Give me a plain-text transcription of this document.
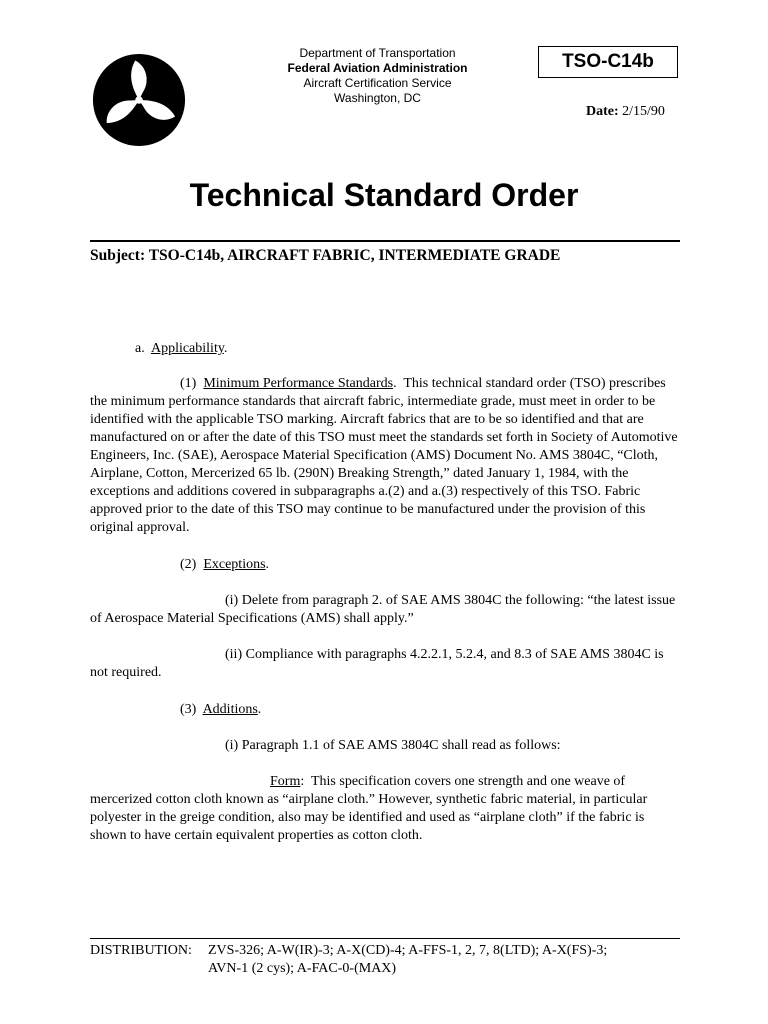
Department of Transportation
Federal Aviation Administration
Aircraft Certification Service
Washington, DC
TSO-C14b
Date: 2/15/90
Technical Standard Order
Subject: TSO-C14b, AIRCRAFT FABRIC, INTERMEDIATE GRADE
a. Applicability.
(1) Minimum Performance Standards.  This technical standard order (TSO) prescribes the minimum performance standards that aircraft fabric, intermediate grade, must meet in order to be identified with the applicable TSO marking. Aircraft fabrics that are to be so identified and that are manufactured on or after the date of this TSO must meet the standards set forth in Society of Automotive Engineers, Inc. (SAE), Aerospace Material Specification (AMS) Document No. AMS 3804C, “Cloth, Airplane, Cotton, Mercerized 65 lb. (290N) Breaking Strength,” dated January 1, 1984, with the exceptions and additions covered in subparagraphs a.(2) and a.(3) respectively of this TSO. Fabric approved prior to the date of this TSO may continue to be manufactured under the provision of this original approval.
(2) Exceptions.
(i) Delete from paragraph 2. of SAE AMS 3804C the following: “the latest issue of Aerospace Material Specifications (AMS) shall apply.”
(ii) Compliance with paragraphs 4.2.2.1, 5.2.4, and 8.3 of SAE AMS 3804C is not required.
(3) Additions.
(i) Paragraph 1.1 of SAE AMS 3804C shall read as follows:
Form:  This specification covers one strength and one weave of mercerized cotton cloth known as “airplane cloth.” However, synthetic fabric material, in particular polyester in the greige condition, also may be identified and used as “airplane cloth” if the fabric is shown to have certain equivalent properties as cotton cloth.
DISTRIBUTION: ZVS-326; A-W(IR)-3; A-X(CD)-4; A-FFS-1, 2, 7, 8(LTD); A-X(FS)-3;
AVN-1 (2 cys); A-FAC-0-(MAX)
